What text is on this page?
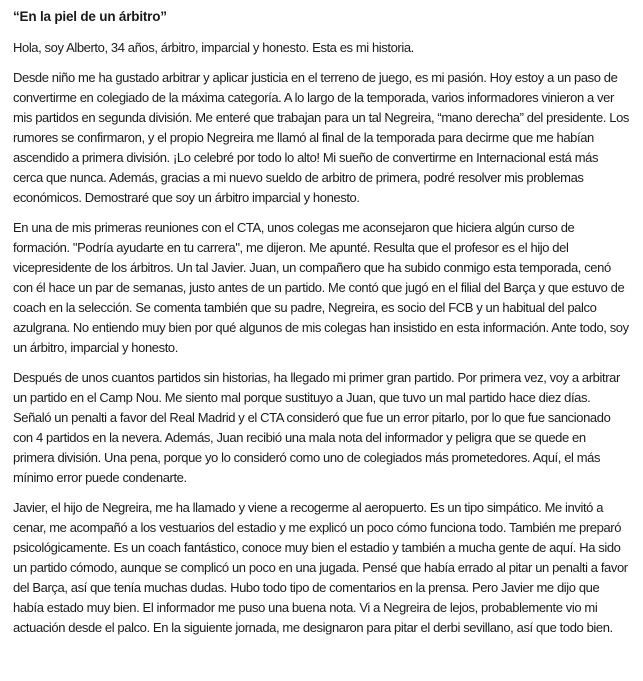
“En la piel de un árbitro”

Hola, soy Alberto, 34 años, árbitro, imparcial y honesto. Esta es mi historia.

Desde niño me ha gustado arbitrar y aplicar justicia en el terreno de juego, es mi pasión. Hoy estoy a un paso de convertirme en colegiado de la máxima categoría. A lo largo de la temporada, varios informadores vinieron a ver mis partidos en segunda división. Me enteré que trabajan para un tal Negreira, “mano derecha” del presidente. Los rumores se confirmaron, y el propio Negreira me llamó al final de la temporada para decirme que me habían ascendido a primera división. ¡Lo celebré por todo lo alto! Mi sueño de convertirme en Internacional está más cerca que nunca. Además, gracias a mi nuevo sueldo de arbitro de primera, podré resolver mis problemas económicos. Demostraré que soy un árbitro imparcial y honesto.

En una de mis primeras reuniones con el CTA, unos colegas me aconsejaron que hiciera algún curso de formación. "Podría ayudarte en tu carrera", me dijeron. Me apunté. Resulta que el profesor es el hijo del vicepresidente de los árbitros. Un tal Javier. Juan, un compañero que ha subido conmigo esta temporada, cenó con él hace un par de semanas, justo antes de un partido. Me contó que jugó en el filial del Barça y que estuvo de coach en la selección. Se comenta también que su padre, Negreira, es socio del FCB y un habitual del palco azulgrana. No entiendo muy bien por qué algunos de mis colegas han insistido en esta información. Ante todo, soy un árbitro, imparcial y honesto.

Después de unos cuantos partidos sin historias, ha llegado mi primer gran partido. Por primera vez, voy a arbitrar un partido en el Camp Nou. Me siento mal porque sustituyo a Juan, que tuvo un mal partido hace diez días. Señaló un penalti a favor del Real Madrid y el CTA consideró que fue un error pitarlo, por lo que fue sancionado con 4 partidos en la nevera. Además, Juan recibió una mala nota del informador y peligra que se quede en primera división. Una pena, porque yo lo consideró como uno de colegiados más prometedores. Aquí, el más mínimo error puede condenarte.

Javier, el hijo de Negreira, me ha llamado y viene a recogerme al aeropuerto. Es un tipo simpático. Me invitó a cenar, me acompañó a los vestuarios del estadio y me explicó un poco cómo funciona todo. También me preparó psicológicamente. Es un coach fantástico, conoce muy bien el estadio y también a mucha gente de aquí. Ha sido un partido cómodo, aunque se complicó un poco en una jugada. Pensé que había errado al pitar un penalti a favor del Barça, así que tenía muchas dudas. Hubo todo tipo de comentarios en la prensa. Pero Javier me dijo que había estado muy bien. El informador me puso una buena nota. Vi a Negreira de lejos, probablemente vio mi actuación desde el palco. En la siguiente jornada, me designaron para pitar el derbi sevillano, así que todo bien.
